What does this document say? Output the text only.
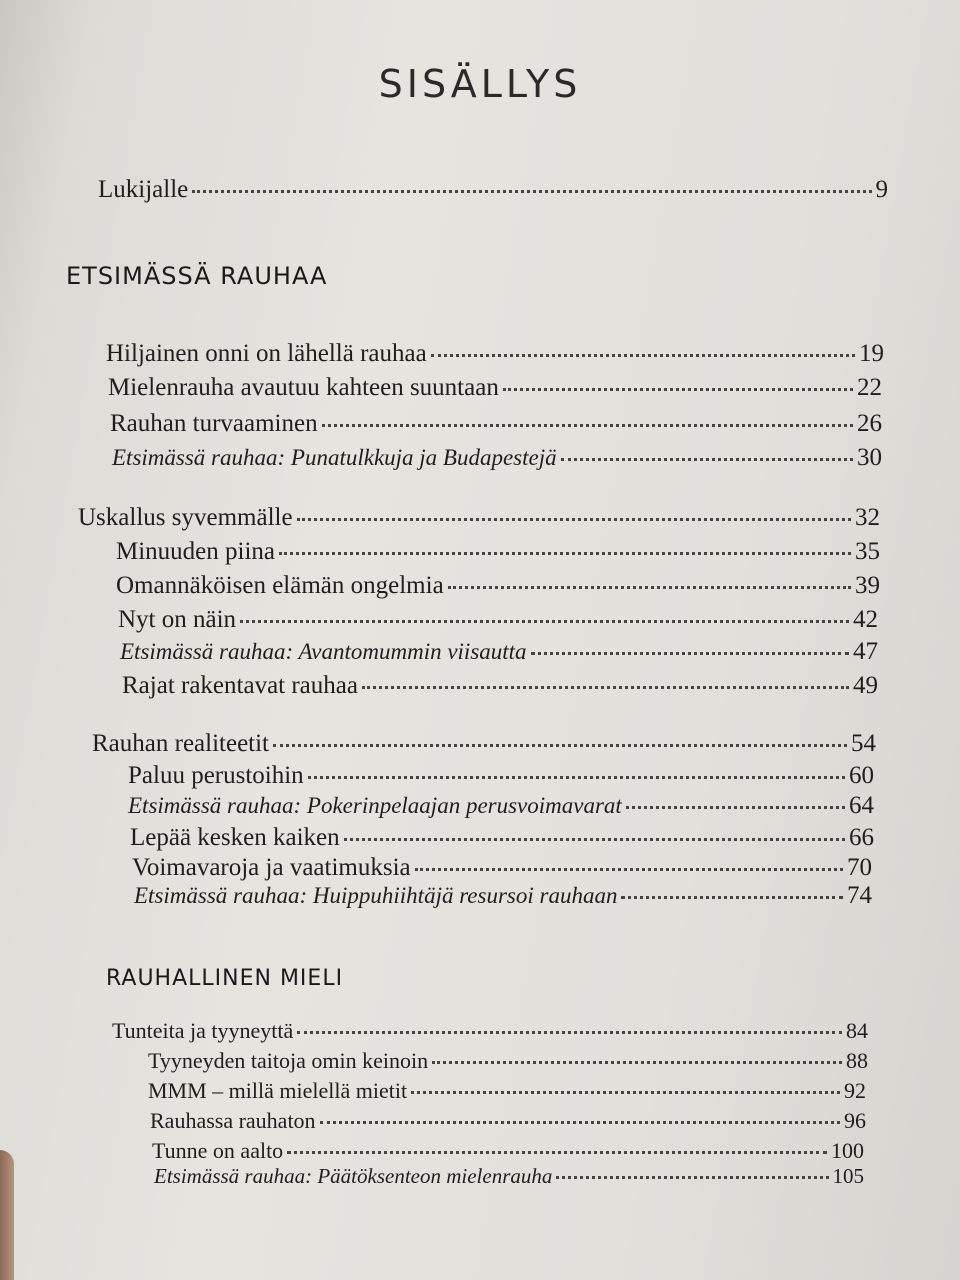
SISÄLLYS
Lukijalle	9
ETSIMÄSSÄ RAUHAA
Hiljainen onni on lähellä rauhaa	19
Mielenrauha avautuu kahteen suuntaan	22
Rauhan turvaaminen	26
Etsimässä rauhaa: Punatulkkuja ja Budapestejä	30
Uskallus syvemmälle	32
Minuuden piina	35
Omannäköisen elämän ongelmia	39
Nyt on näin	42
Etsimässä rauhaa: Avantomummin viisautta	47
Rajat rakentavat rauhaa	49
Rauhan realiteetit	54
Paluu perustoihin	60
Etsimässä rauhaa: Pokerinpelaajan perusvoimavarat	64
Lepää kesken kaiken	66
Voimavaroja ja vaatimuksia	70
Etsimässä rauhaa: Huippuhiihtäjä resursoi rauhaan	74
RAUHALLINEN MIELI
Tunteita ja tyyneyttä	84
Tyyneyden taitoja omin keinoin	88
MMM – millä mielellä mietit	92
Rauhassa rauhaton	96
Tunne on aalto	100
Etsimässä rauhaa: Päätöksenteon mielenrauha	105
